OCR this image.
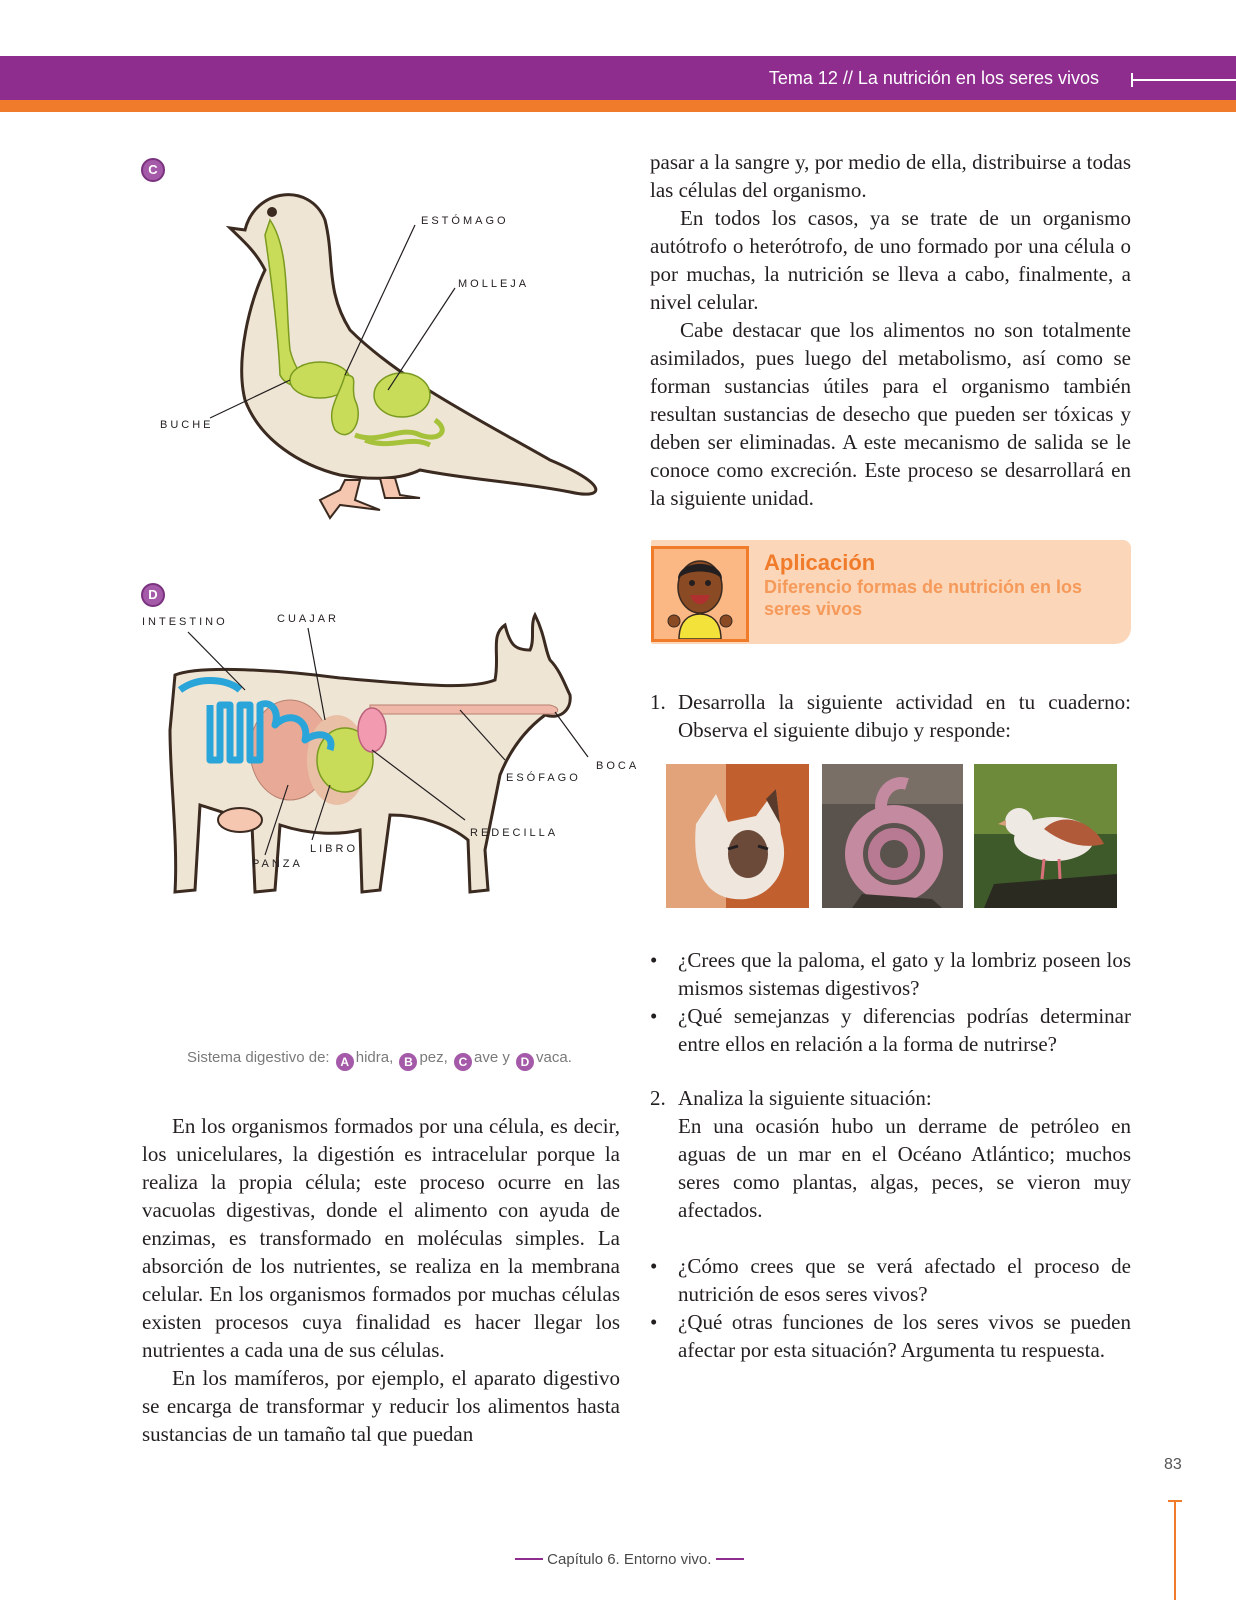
Tema 12 // La nutrición en los seres vivos
C
ESTÓMAGO
MOLLEJA
BUCHE
D
INTESTINO	CUAJAR
ESÓFAGO
BOCA
REDECILLA
LIBRO
PANZA
Sistema digestivo de: A hidra, B pez, C ave y D vaca.

En los organismos formados por una célula, es decir, los unicelulares, la digestión es intracelular porque la realiza la propia célula; este proceso ocurre en las vacuolas digestivas, donde el alimento con ayuda de enzimas, es transformado en moléculas simples. La absorción de los nutrientes, se realiza en la membrana celular. En los organismos formados por muchas células existen procesos cuya finalidad es hacer llegar los nutrientes a cada una de sus células.

En los mamíferos, por ejemplo, el aparato digestivo se encarga de transformar y reducir los alimentos hasta sustancias de un tamaño tal que puedan

pasar a la sangre y, por medio de ella, distribuirse a todas las células del organismo.

En todos los casos, ya se trate de un organismo autótrofo o heterótrofo, de uno formado por una célula o por muchas, la nutrición se lleva a cabo, finalmente, a nivel celular.

Cabe destacar que los alimentos no son totalmente asimilados, pues luego del metabolismo, así como se forman sustancias útiles para el organismo también resultan sustancias de desecho que pueden ser tóxicas y deben ser eliminadas. A este mecanismo de salida se le conoce como excreción. Este proceso se desarrollará en la siguiente unidad.

Aplicación
Diferencio formas de nutrición en los seres vivos
1. Desarrolla la siguiente actividad en tu cuaderno: Observa el siguiente dibujo y responde:
• ¿Crees que la paloma, el gato y la lombriz poseen los mismos sistemas digestivos?
• ¿Qué semejanzas y diferencias podrías determinar entre ellos en relación a la forma de nutrirse?
2. Analiza la siguiente situación:
En una ocasión hubo un derrame de petróleo en aguas de un mar en el Océano Atlántico; muchos seres como plantas, algas, peces, se vieron muy afectados.
• ¿Cómo crees que se verá afectado el proceso de nutrición de esos seres vivos?
• ¿Qué otras funciones de los seres vivos se pueden afectar por esta situación? Argumenta tu respuesta.
83
Capítulo 6. Entorno vivo.
